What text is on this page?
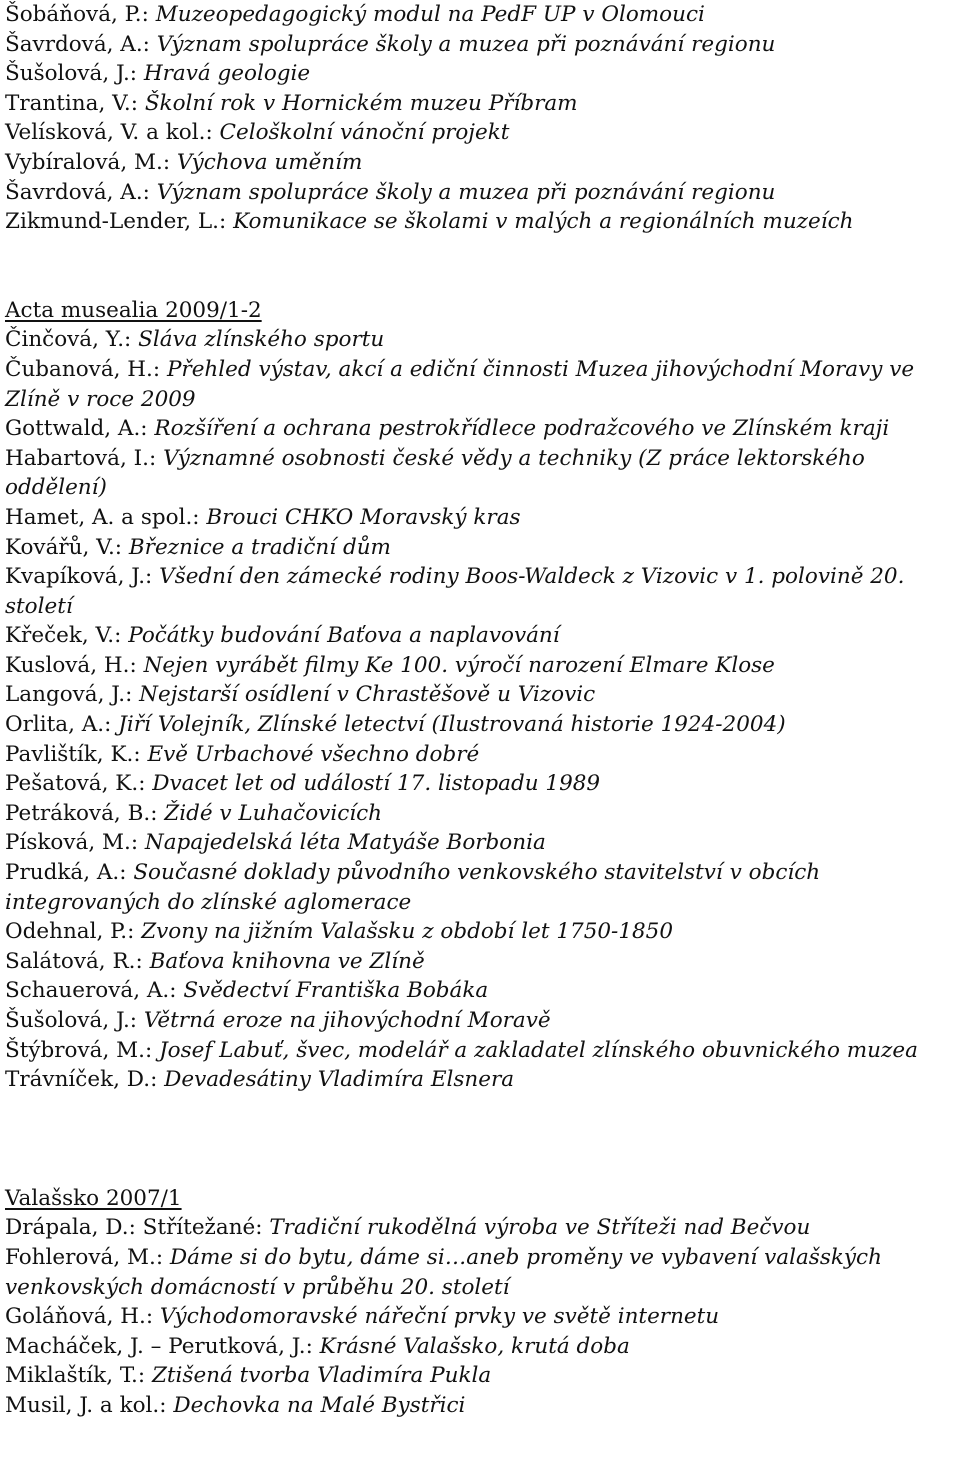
Šobáňová, P.: Muzeopedagogický modul na PedF UP v Olomouci

Šavrdová, A.: Význam spolupráce školy a muzea při poznávání regionu

Šušolová, J.: Hravá geologie

Trantina, V.: Školní rok v Hornickém muzeu Příbram

Velísková, V. a kol.: Celoškolní vánoční projekt

Vybíralová, M.: Výchova uměním

Šavrdová, A.: Význam spolupráce školy a muzea při poznávání regionu

Zikmund-Lender, L.: Komunikace se školami v malých a regionálních muzeích

Acta musealia 2009/1-2

Činčová, Y.: Sláva zlínského sportu

Čubanová, H.: Přehled výstav, akcí a ediční činnosti Muzea jihovýchodní Moravy ve Zlíně v roce 2009

Gottwald, A.: Rozšíření a ochrana pestrokřídlece podražcového ve Zlínském kraji

Habartová, I.: Významné osobnosti české vědy a techniky (Z práce lektorského oddělení)

Hamet, A. a spol.: Brouci CHKO Moravský kras

Kovářů, V.: Březnice a tradiční dům

Kvapíková, J.: Všední den zámecké rodiny Boos-Waldeck z Vizovic v 1. polovině 20. století

Křeček, V.: Počátky budování Baťova a naplavování

Kuslová, H.: Nejen vyrábět filmy Ke 100. výročí narození Elmare Klose

Langová, J.: Nejstarší osídlení v Chrastěšově u Vizovic

Orlita, A.: Jiří Volejník, Zlínské letectví (Ilustrovaná historie 1924-2004)

Pavlištík, K.: Evě Urbachové všechno dobré

Pešatová, K.: Dvacet let od událostí 17. listopadu 1989

Petráková, B.: Židé v Luhačovicích

Písková, M.: Napajedelská léta Matyáše Borbonia

Prudká, A.: Současné doklady původního venkovského stavitelství v obcích integrovaných do zlínské aglomerace

Odehnal, P.: Zvony na jižním Valašsku z období let 1750-1850

Salátová, R.: Baťova knihovna ve Zlíně

Schauerová, A.: Svědectví Františka Bobáka

Šušolová, J.: Větrná eroze na jihovýchodní Moravě

Štýbrová, M.: Josef Labuť, švec, modelář a zakladatel zlínského obuvnického muzea

Trávníček, D.: Devadesátiny Vladimíra Elsnera

Valašsko 2007/1

Drápala, D.: Střítežané: Tradiční rukodělná výroba ve Stříteži nad Bečvou

Fohlerová, M.: Dáme si do bytu, dáme si…aneb proměny ve vybavení valašských venkovských domácností v průběhu 20. století

Goláňová, H.: Východomoravské nářeční prvky ve světě internetu

Macháček, J. – Perutková, J.: Krásné Valašsko, krutá doba

Miklaštík, T.: Ztišená tvorba Vladimíra Pukla

Musil, J. a kol.: Dechovka na Malé Bystřici
